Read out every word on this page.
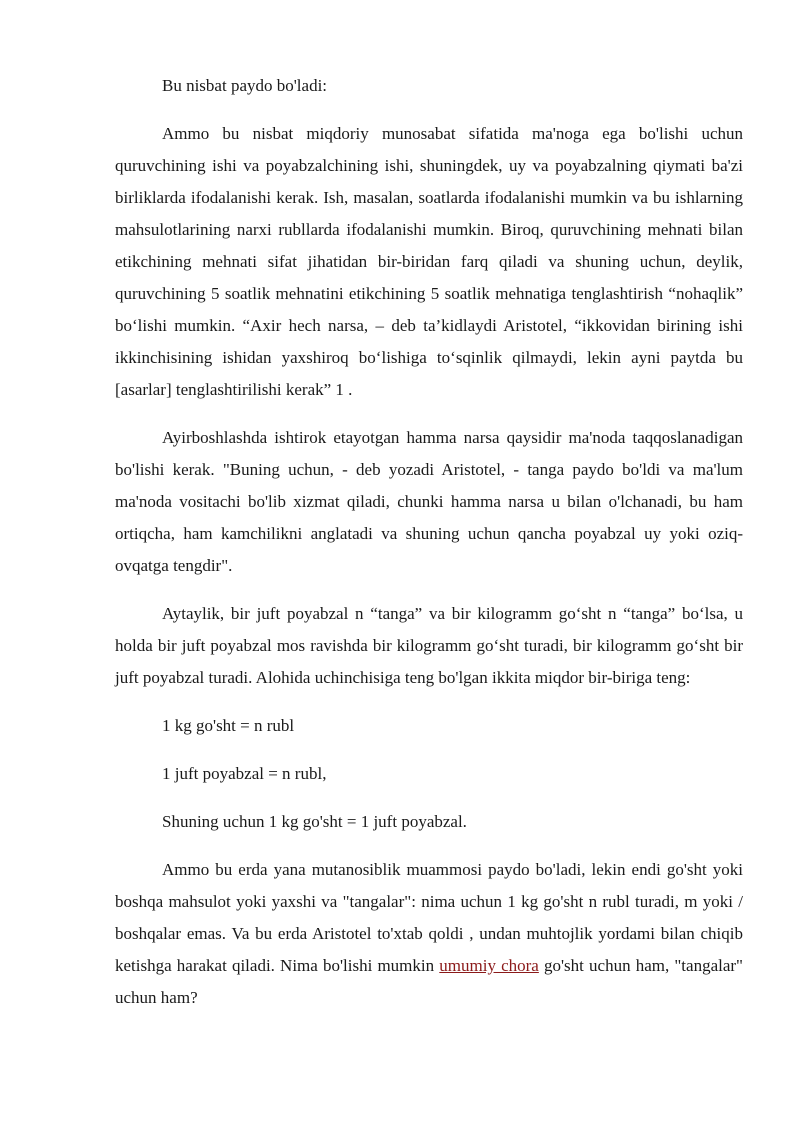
Bu nisbat paydo bo'ladi:

Ammo bu nisbat miqdoriy munosabat sifatida ma'noga ega bo'lishi uchun quruvchining ishi va poyabzalchining ishi, shuningdek, uy va poyabzalning qiymati ba'zi birliklarda ifodalanishi kerak. Ish, masalan, soatlarda ifodalanishi mumkin va bu ishlarning mahsulotlarining narxi rubllarda ifodalanishi mumkin. Biroq, quruvchining mehnati bilan etikchining mehnati sifat jihatidan bir-biridan farq qiladi va shuning uchun, deylik, quruvchining 5 soatlik mehnatini etikchining 5 soatlik mehnatiga tenglashtirish “nohaqlik” bo‘lishi mumkin. “Axir hech narsa, – deb ta’kidlaydi Aristotel, “ikkovidan birining ishi ikkinchisining ishidan yaxshiroq bo‘lishiga to‘sqinlik qilmaydi, lekin ayni paytda bu [asarlar] tenglashtirilishi kerak” 1 .

Ayirboshlashda ishtirok etayotgan hamma narsa qaysidir ma'noda taqqoslanadigan bo'lishi kerak. "Buning uchun, - deb yozadi Aristotel, - tanga paydo bo'ldi va ma'lum ma'noda vositachi bo'lib xizmat qiladi, chunki hamma narsa u bilan o'lchanadi, bu ham ortiqcha, ham kamchilikni anglatadi va shuning uchun qancha poyabzal uy yoki oziq-ovqatga tengdir".

Aytaylik, bir juft poyabzal n “tanga” va bir kilogramm go‘sht n “tanga” bo‘lsa, u holda bir juft poyabzal mos ravishda bir kilogramm go‘sht turadi, bir kilogramm go‘sht bir juft poyabzal turadi. Alohida uchinchisiga teng bo'lgan ikkita miqdor bir-biriga teng:

1 kg go'sht = n rubl

1 juft poyabzal = n rubl,

Shuning uchun 1 kg go'sht = 1 juft poyabzal.

Ammo bu erda yana mutanosiblik muammosi paydo bo'ladi, lekin endi go'sht yoki boshqa mahsulot yoki yaxshi va "tangalar": nima uchun 1 kg go'sht n rubl turadi, m yoki / boshqalar emas. Va bu erda Aristotel to'xtab qoldi , undan muhtojlik yordami bilan chiqib ketishga harakat qiladi. Nima bo'lishi mumkin umumiy chora go'sht uchun ham, "tangalar" uchun ham?
